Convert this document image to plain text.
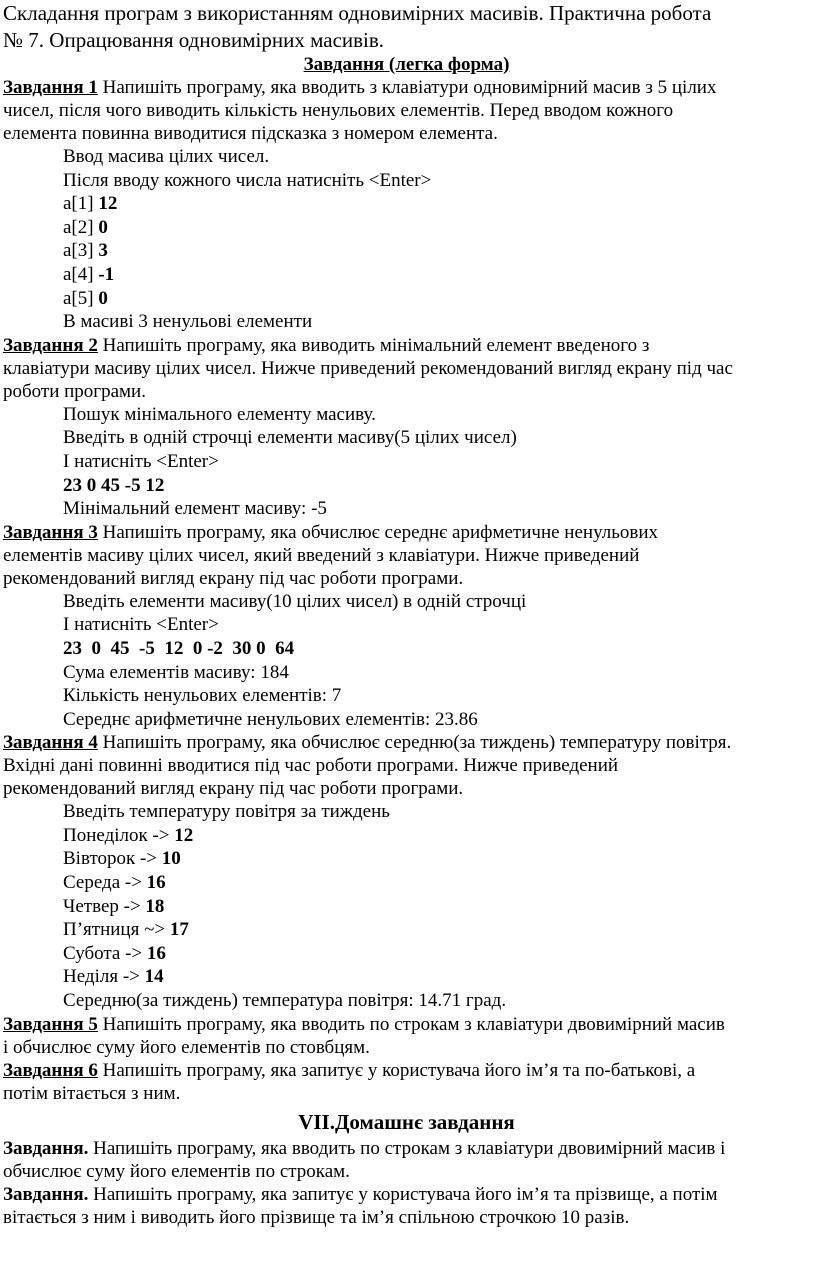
Складання програм з використанням одновимірних масивів. Практична робота
№ 7. Опрацювання одновимірних масивів.

Завдання (легка форма)

Завдання 1 Напишіть програму, яка вводить з клавіатури одновимірний масив з 5 цілих
чисел, після чого виводить кількість ненульових елементів. Перед вводом кожного
елемента повинна виводитися підсказка з номером елемента.

Ввод масива цілих чисел.
Після вводу кожного числа натисніть <Enter>
a[1] 12
a[2] 0
a[3] 3
a[4] -1
a[5] 0
В масиві 3 ненульові елементи

Завдання 2 Напишіть програму, яка виводить мінімальний елемент введеного з
клавіатури масиву цілих чисел. Нижче приведений рекомендований вигляд екрану під час
роботи програми.

Пошук мінімального елементу масиву.
Введіть в одній строчці елементи масиву(5 цілих чисел)
І натисніть <Enter>
23 0 45 -5 12
Мінімальний елемент масиву: -5

Завдання 3 Напишіть програму, яка обчислює середнє арифметичне ненульових
елементів масиву цілих чисел, який введений з клавіатури. Нижче приведений
рекомендований вигляд екрану під час роботи програми.

Введіть елементи масиву(10 цілих чисел) в одній строчці
І натисніть <Enter>
23  0  45  -5  12  0 -2  30 0  64
Сума елементів масиву: 184
Кількість ненульових елементів: 7
Середнє арифметичне ненульових елементів: 23.86

Завдання 4 Напишіть програму, яка обчислює середню(за тиждень) температуру повітря.
Вхідні дані повинні вводитися під час роботи програми. Нижче приведений
рекомендований вигляд екрану під час роботи програми.

Введіть температуру повітря за тиждень
Понеділок -> 12
Вівторок -> 10
Середа -> 16
Четвер -> 18
П’ятниця ~> 17
Субота -> 16
Неділя -> 14
Середню(за тиждень) температура повітря: 14.71 град.

Завдання 5 Напишіть програму, яка вводить по строкам з клавіатури двовимірний масив
і обчислює суму його елементів по стовбцям.

Завдання 6 Напишіть програму, яка запитує у користувача його ім’я та по-батькові, а
потім вітається з ним.

VII.Домашнє завдання

Завдання. Напишіть програму, яка вводить по строкам з клавіатури двовимірний масив і
обчислює суму його елементів по строкам.

Завдання. Напишіть програму, яка запитує у користувача його ім’я та прізвище, а потім
вітається з ним і виводить його прізвище та ім’я спільною строчкою 10 разів.
